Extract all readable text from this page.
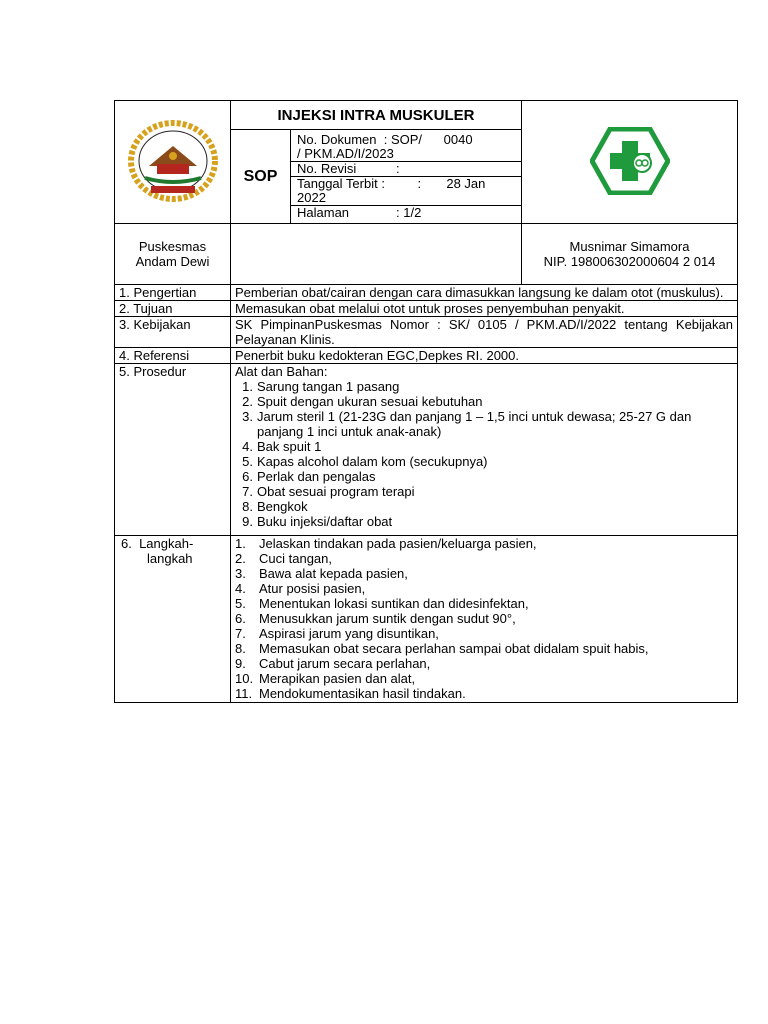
	INJEKSI INTRA MUSKULER	
SOP	
No. Dokumen : SOP/      0040
/ PKM.AD/I/2023
No. Revisi	:
Tanggal Terbit :         :       28 Jan
2022
Halaman	: 1/2

Puskesmas
Andam Dewi

Musnimar Simamora
NIP. 198006302000604 2 014

1. Pengertian	Pemberian obat/cairan dengan cara dimasukkan langsung ke dalam otot (muskulus).
2. Tujuan	Memasukan obat melalui otot untuk proses penyembuhan penyakit.
3. Kebijakan	SK PimpinanPuskesmas Nomor : SK/ 0105 / PKM.AD/I/2022 tentang Kebijakan Pelayanan Klinis.
4. Referensi	Penerbit buku kedokteran EGC,Depkes RI. 2000.
5. Prosedur	Alat dan Bahan:
1. Sarung tangan 1 pasang
2. Spuit dengan ukuran sesuai kebutuhan
3. Jarum steril 1 (21-23G dan panjang 1 – 1,5 inci untuk dewasa; 25-27 G dan panjang 1 inci untuk anak-anak)
4. Bak spuit 1
5. Kapas alcohol dalam kom (secukupnya)
6. Perlak dan pengalas
7. Obat sesuai program terapi
8. Bengkok
9. Buku injeksi/daftar obat

6.  Langkah-
langkah

1.	Jelaskan tindakan pada pasien/keluarga pasien,
2.	Cuci tangan,
3.	Bawa alat kepada pasien,
4.	Atur posisi pasien,
5.	Menentukan lokasi suntikan dan didesinfektan,
6.	Menusukkan jarum suntik dengan sudut 90°,
7.	Aspirasi jarum yang disuntikan,
8.	Memasukan obat secara perlahan sampai obat didalam spuit habis,
9.	Cabut jarum secara perlahan,
10. Merapikan pasien dan alat,
11. Mendokumentasikan hasil tindakan.
